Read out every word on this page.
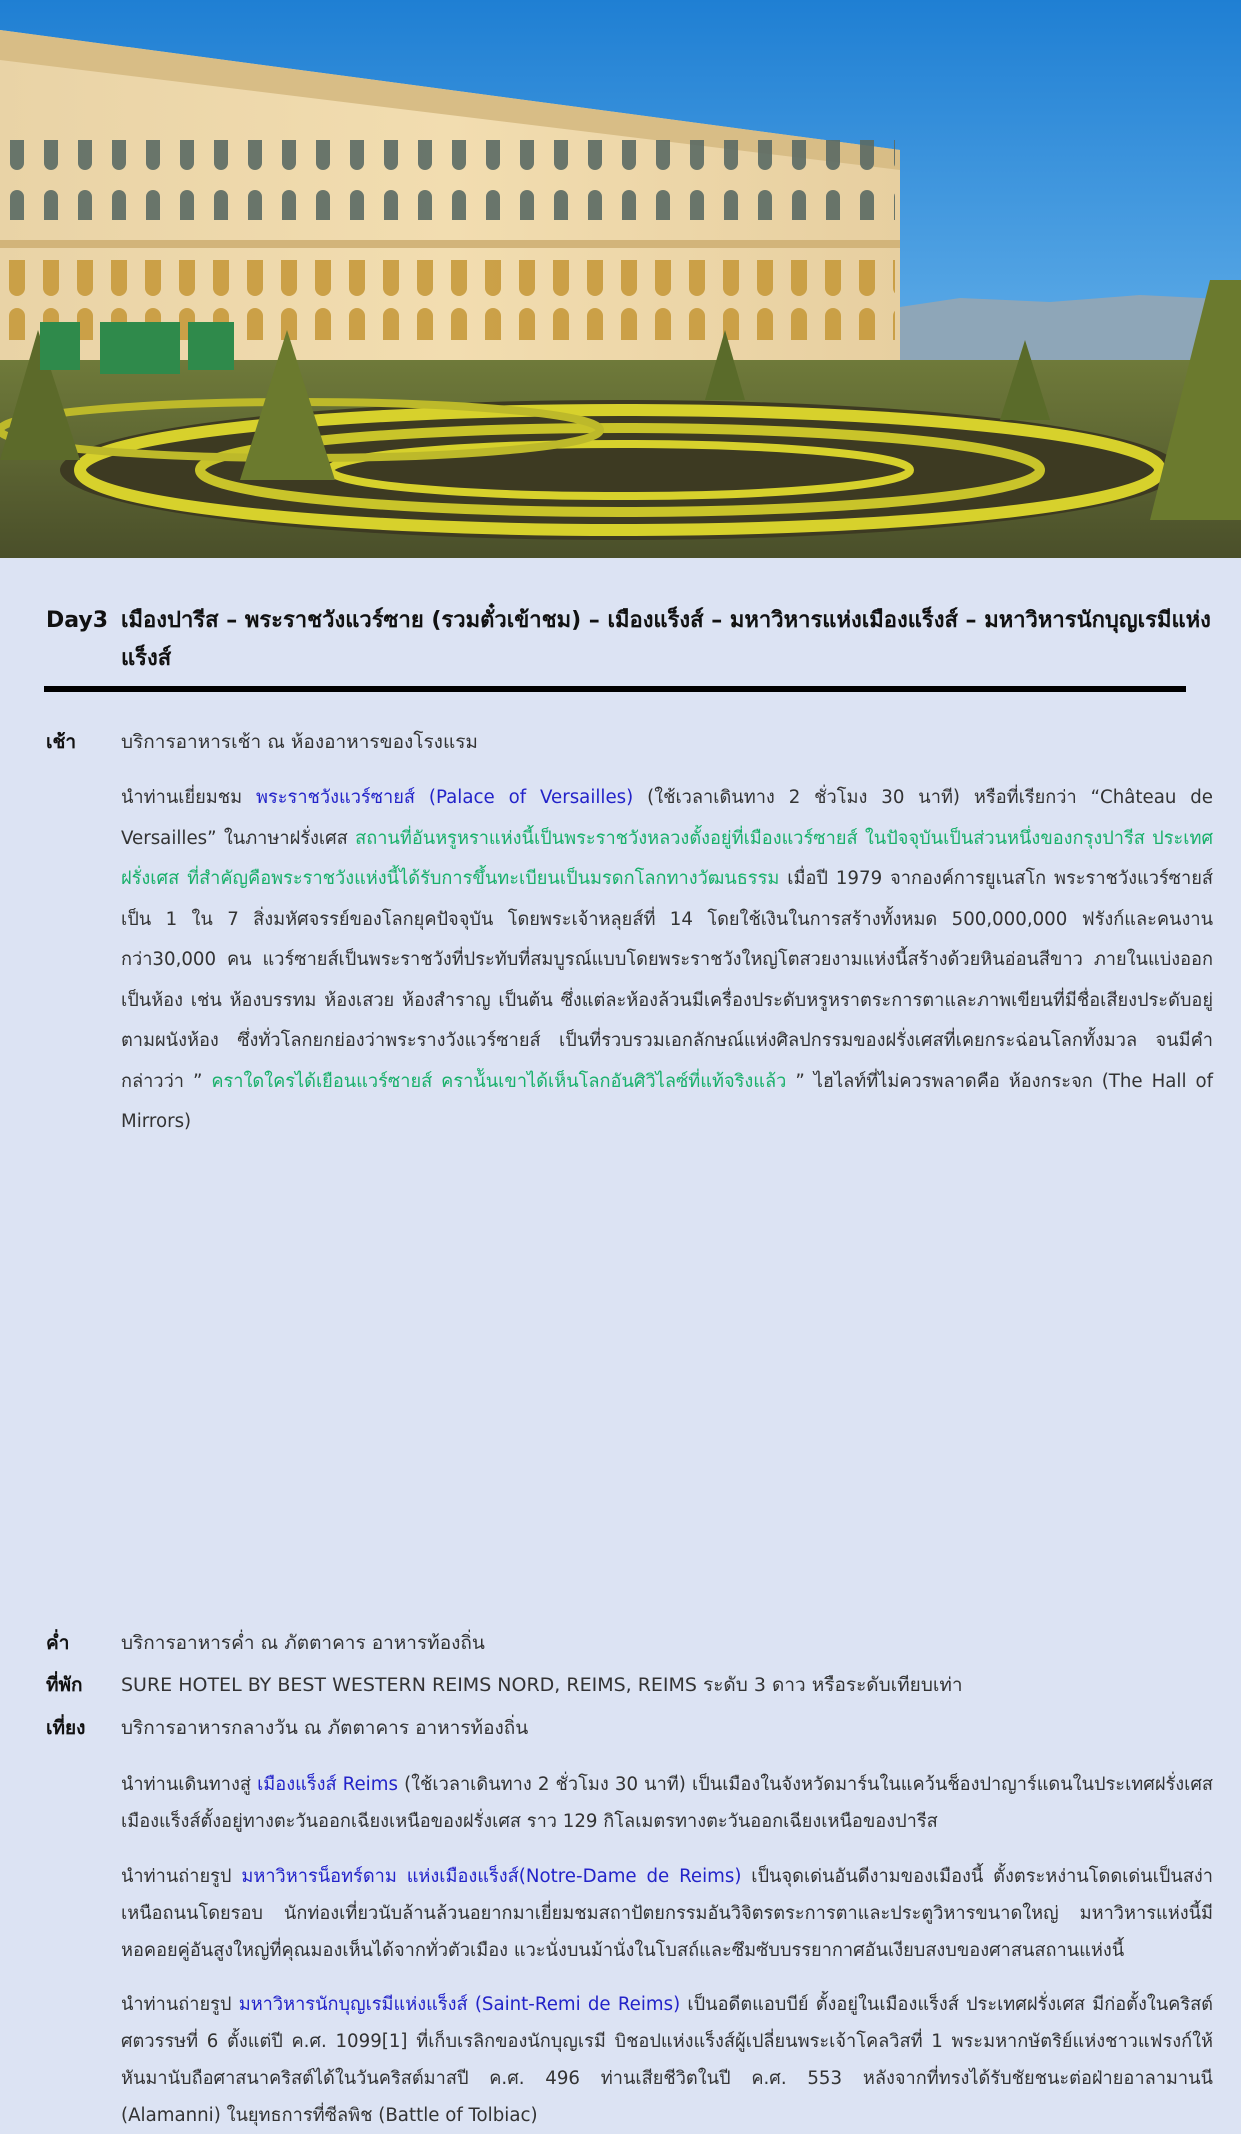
Day3 เมืองปารีส – พระราชวังแวร์ซาย (รวมตั๋วเข้าชม) – เมืองแร็งส์ – มหาวิหารแห่งเมืองแร็งส์ – มหาวิหารนักบุญเรมีแห่งแร็งส์
เช้า บริการอาหารเช้า ณ ห้องอาหารของโรงแรม
นำท่านเยี่ยมชม พระราชวังแวร์ซายส์ (Palace of Versailles) (ใช้เวลาเดินทาง 2 ชั่วโมง 30 นาที) หรือที่เรียกว่า “Château de Versailles” ในภาษาฝรั่งเศส สถานที่อันหรูหราแห่งนี้เป็นพระราชวังหลวงตั้งอยู่ที่เมืองแวร์ซายส์ ในปัจจุบันเป็นส่วนหนึ่งของกรุงปารีส ประเทศฝรั่งเศส ที่สำคัญคือพระราชวังแห่งนี้ได้รับการขึ้นทะเบียนเป็นมรดกโลกทางวัฒนธรรม เมื่อปี 1979 จากองค์การยูเนสโก พระราชวังแวร์ซายส์เป็น 1 ใน 7 สิ่งมหัศจรรย์ของโลกยุคปัจจุบัน โดยพระเจ้าหลุยส์ที่ 14 โดยใช้เงินในการสร้างทั้งหมด 500,000,000 ฟรังก์และคนงานกว่า30,000 คน แวร์ซายส์เป็นพระราชวังที่ประทับที่สมบูรณ์แบบโดยพระราชวังใหญ่โตสวยงามแห่งนี้สร้างด้วยหินอ่อนสีขาว ภายในแบ่งออกเป็นห้อง เช่น ห้องบรรทม ห้องเสวย ห้องสำราญ เป็นต้น ซึ่งแต่ละห้องล้วนมีเครื่องประดับหรูหราตระการตาและภาพเขียนที่มีชื่อเสียงประดับอยู่ตามผนังห้อง ซึ่งทั่วโลกยกย่องว่าพระรางวังแวร์ซายส์ เป็นที่รวบรวมเอกลักษณ์แห่งศิลปกรรมของฝรั่งเศสที่เคยกระฉ่อนโลกทั้งมวล จนมีคำกล่าวว่า ” คราใดใครได้เยือนแวร์ซายส์ คราน้ันเขาได้เห็นโลกอันศิวิไลซ์ที่แท้จริงแล้ว ” ไฮไลท์ที่ไม่ควรพลาดคือ ห้องกระจก (The Hall of Mirrors)
เที่ยง บริการอาหารกลางวัน ณ ภัตตาคาร อาหารท้องถิ่น
นำท่านเดินทางสู่ เมืองแร็งส์ Reims (ใช้เวลาเดินทาง 2 ชั่วโมง 30 นาที) เป็นเมืองในจังหวัดมาร์นในแคว้นช็องปาญาร์แดนในประเทศฝรั่งเศส เมืองแร็งส์ตั้งอยู่ทางตะวันออกเฉียงเหนือของฝรั่งเศส ราว 129 กิโลเมตรทางตะวันออกเฉียงเหนือของปารีส
นำท่านถ่ายรูป มหาวิหารน็อทร์ดาม แห่งเมืองแร็งส์(Notre-Dame de Reims) เป็นจุดเด่นอันดีงามของเมืองนี้ ตั้งตระหง่านโดดเด่นเป็นสง่าเหนือถนนโดยรอบ นักท่องเที่ยวนับล้านล้วนอยากมาเยี่ยมชมสถาปัตยกรรมอันวิจิตรตระการตาและประตูวิหารขนาดใหญ่ มหาวิหารแห่งนี้มีหอคอยคู่อันสูงใหญ่ที่คุณมองเห็นได้จากทั่วตัวเมือง แวะนั่งบนม้านั่งในโบสถ์และซึมซับบรรยากาศอันเงียบสงบของศาสนสถานแห่งนี้
นำท่านถ่ายรูป มหาวิหารนักบุญเรมีแห่งแร็งส์ (Saint-Remi de Reims) เป็นอดีตแอบบีย์ ตั้งอยู่ในเมืองแร็งส์ ประเทศฝรั่งเศส มีก่อตั้งในคริสต์ศตวรรษที่ 6 ตั้งแต่ปี ค.ศ. 1099[1] ที่เก็บเรลิกของนักบุญเรมี บิชอปแห่งแร็งส์ผู้เปลี่ยนพระเจ้าโคลวิสที่ 1 พระมหากษัตริย์แห่งชาวแฟรงก์ให้หันมานับถือศาสนาคริสต์ได้ในวันคริสต์มาสปี ค.ศ. 496 ท่านเสียชีวิตในปี ค.ศ. 553 หลังจากที่ทรงได้รับชัยชนะต่อฝ่ายอาลามานนี (Alamanni) ในยุทธการที่ซีลพิช (Battle of Tolbiac)
ค่ำ	บริการอาหารค่ำ ณ ภัตตาคาร อาหารท้องถิ่น
ที่พัก SURE HOTEL BY BEST WESTERN REIMS NORD, REIMS, REIMS ระดับ 3 ดาว หรือระดับเทียบเท่า
